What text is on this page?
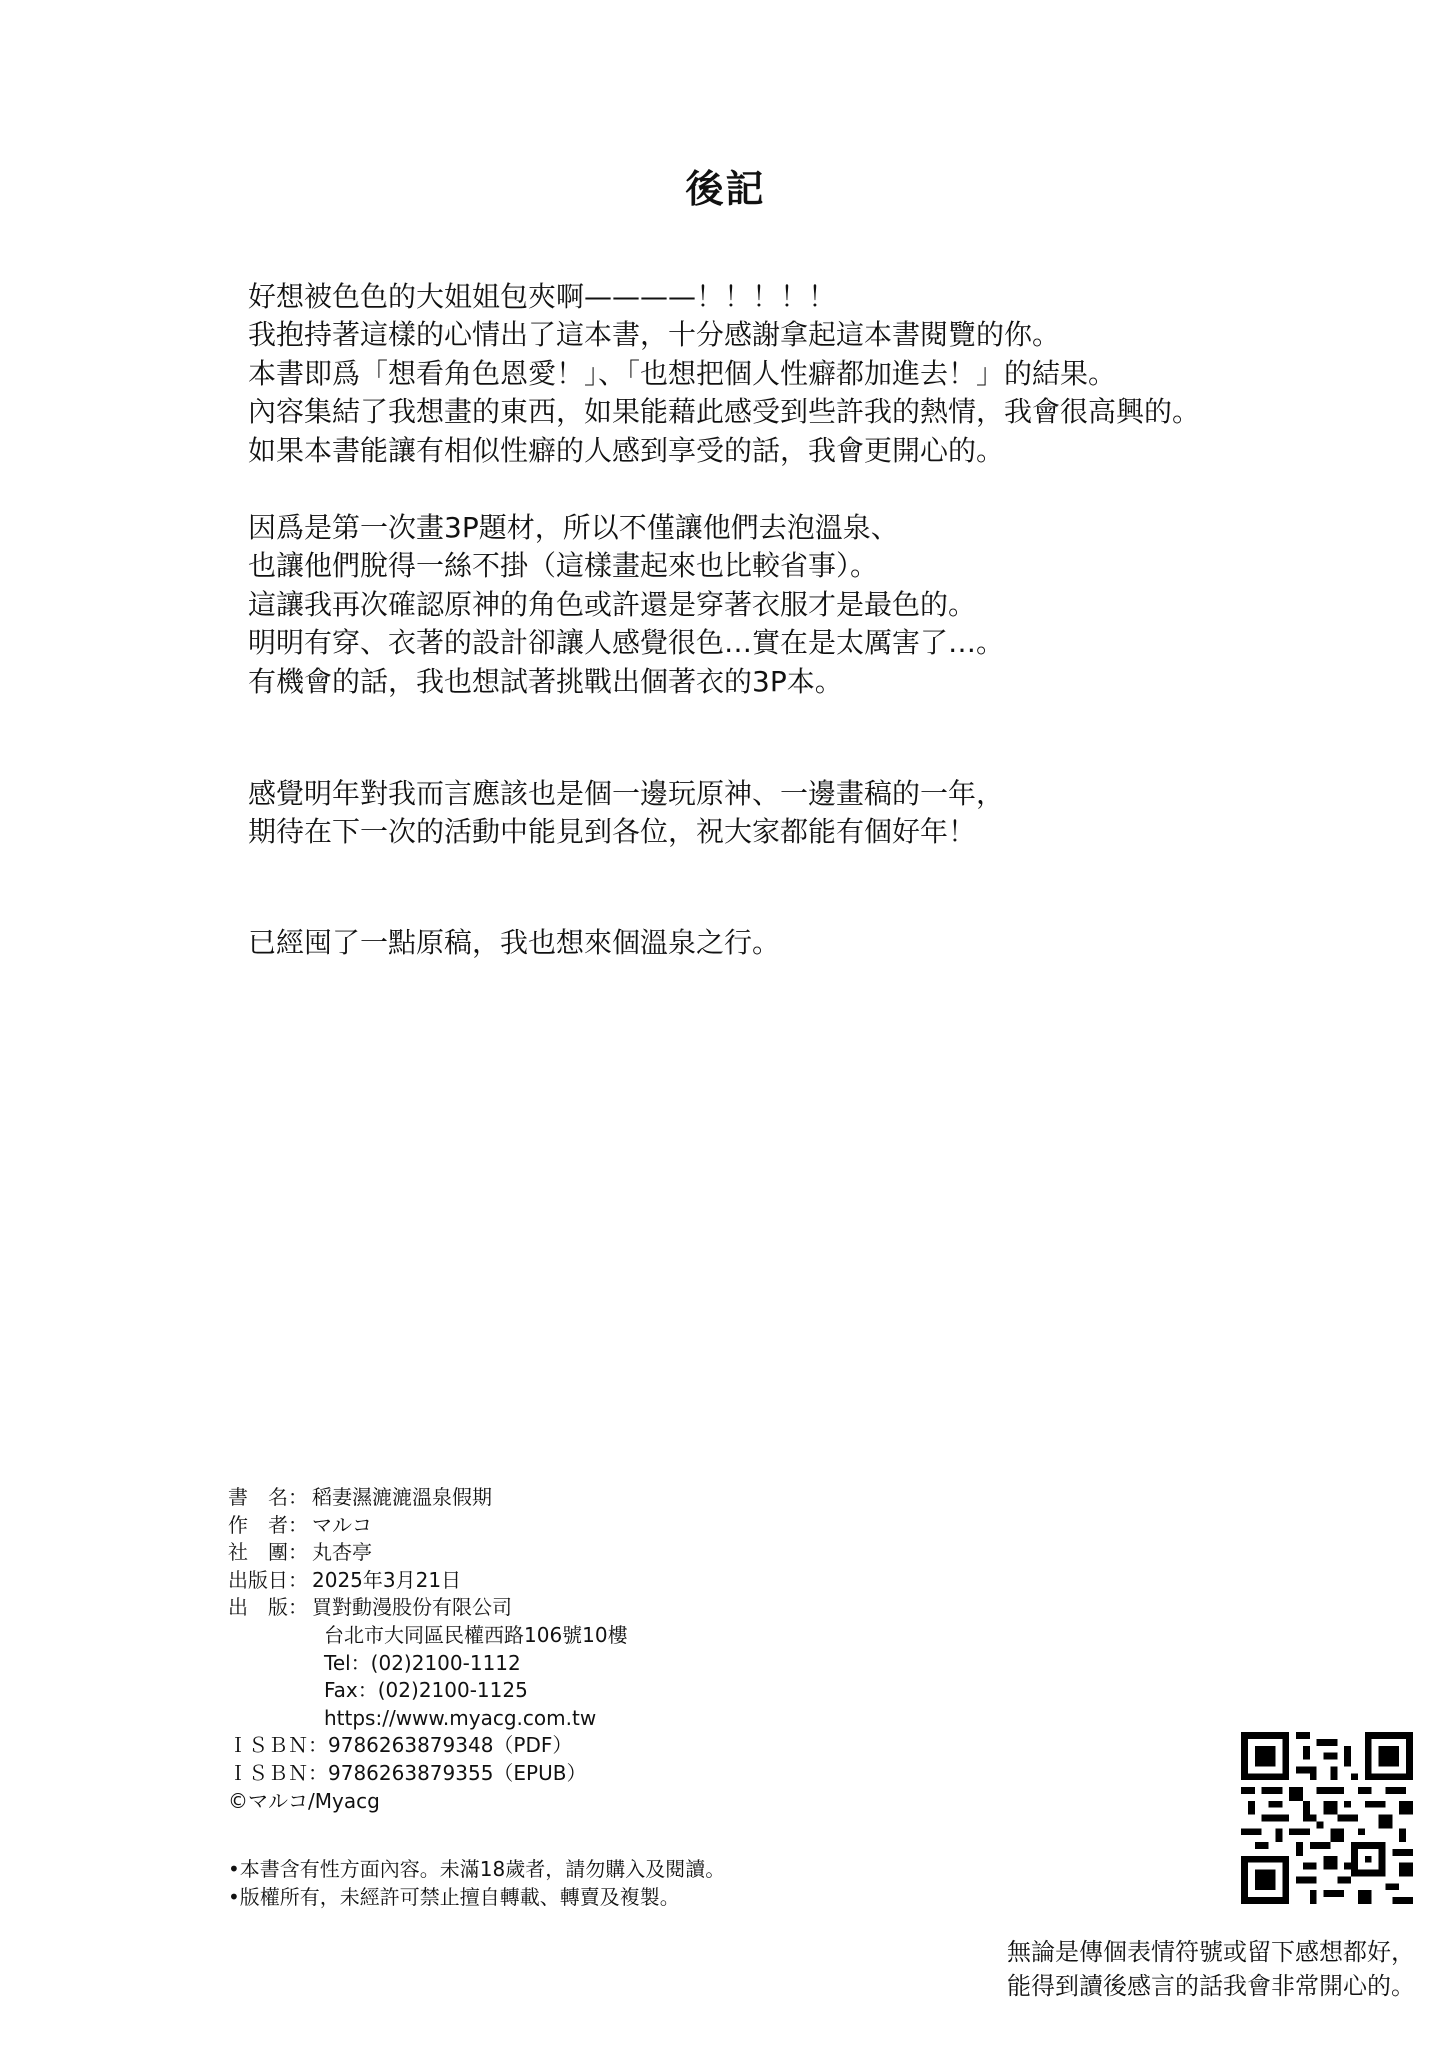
後記
好想被色色的大姐姐包夾啊————！！！！！
我抱持著這樣的心情出了這本書，十分感謝拿起這本書閱覽的你。
本書即爲「想看角色恩愛！」、「也想把個人性癖都加進去！」的結果。
內容集結了我想畫的東西，如果能藉此感受到些許我的熱情，我會很高興的。
如果本書能讓有相似性癖的人感到享受的話，我會更開心的。
因爲是第一次畫3P題材，所以不僅讓他們去泡溫泉、
也讓他們脫得一絲不掛（這樣畫起來也比較省事）。
這讓我再次確認原神的角色或許還是穿著衣服才是最色的。
明明有穿、衣著的設計卻讓人感覺很色…實在是太厲害了…。
有機會的話，我也想試著挑戰出個著衣的3P本。
感覺明年對我而言應該也是個一邊玩原神、一邊畫稿的一年，
期待在下一次的活動中能見到各位，祝大家都能有個好年！
已經囤了一點原稿，我也想來個溫泉之行。
書　名： 稻妻濕漉漉溫泉假期
作　者： マルコ
社　團： 丸杏亭
出版日： 2025年3月21日
出　版： 買對動漫股份有限公司
台北市大同區民權西路106號10樓
Tel：(02)2100-1112
Fax：(02)2100-1125
https://www.myacg.com.tw
ＩＳＢＮ：9786263879348（PDF）
ＩＳＢＮ：9786263879355（EPUB）
©マルコ/Myacg
•本書含有性方面內容。未滿18歲者，請勿購入及閱讀。
•版權所有，未經許可禁止擅自轉載、轉賣及複製。
無論是傳個表情符號或留下感想都好，
能得到讀後感言的話我會非常開心的。
